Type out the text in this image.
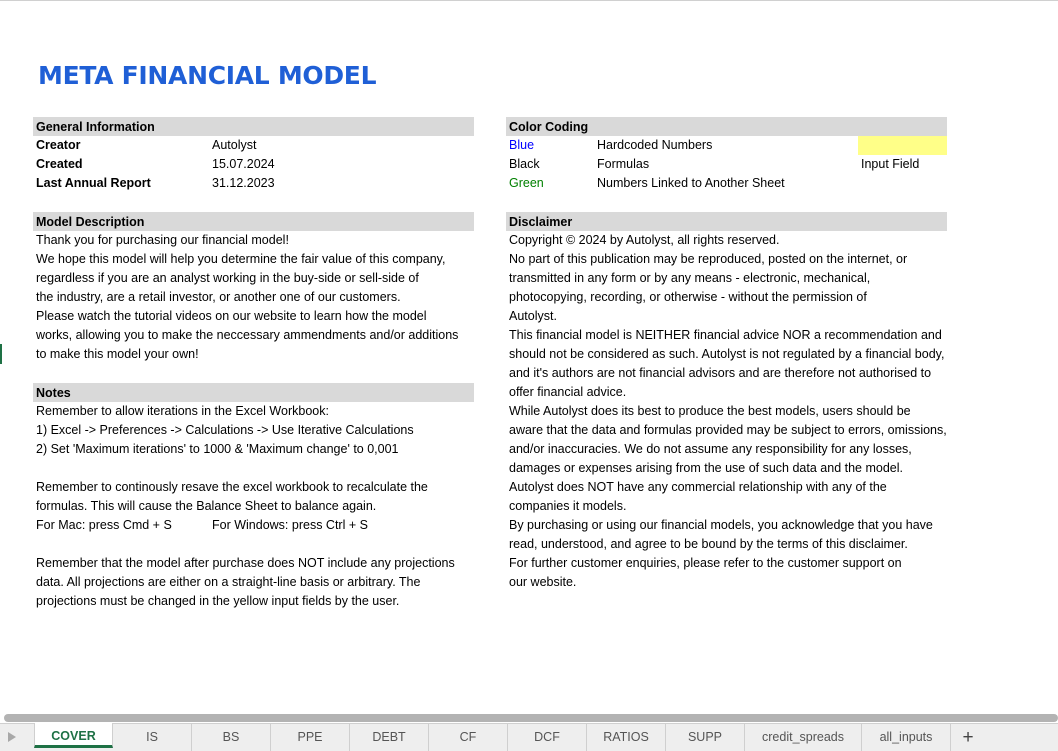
META FINANCIAL MODEL
General Information
Creator	Autolyst
Created	15.07.2024
Last Annual Report	31.12.2023
Color Coding
Blue	Hardcoded Numbers
Black	Formulas	Input Field
Green	Numbers Linked to Another Sheet
Model Description
Thank you for purchasing our financial model!
We hope this model will help you determine the fair value of this company,
regardless if you are an analyst working in the buy-side or sell-side of
the industry, are a retail investor, or another one of our customers.
Please watch the tutorial videos on our website to learn how the model
works, allowing you to make the neccessary ammendments and/or additions
to make this model your own!
Notes
Remember to allow iterations in the Excel Workbook:
1) Excel -> Preferences -> Calculations -> Use Iterative Calculations
2) Set 'Maximum iterations' to 1000 & 'Maximum change' to 0,001
Remember to continously resave the excel workbook to recalculate the
formulas. This will cause the Balance Sheet to balance again.
For Mac: press Cmd + S	For Windows: press Ctrl + S
Remember that the model after purchase does NOT include any projections
data. All projections are either on a straight-line basis or arbitrary. The
projections must be changed in the yellow input fields by the user.
Disclaimer
Copyright © 2024 by Autolyst, all rights reserved.
No part of this publication may be reproduced, posted on the internet, or
transmitted in any form or by any means - electronic, mechanical,
photocopying, recording, or otherwise - without the permission of
Autolyst.
This financial model is NEITHER financial advice NOR a recommendation and
should not be considered as such. Autolyst is not regulated by a financial body,
and it's authors are not financial advisors and are therefore not authorised to
offer financial advice.
While Autolyst does its best to produce the best models, users should be
aware that the data and formulas provided may be subject to errors, omissions,
and/or inaccuracies. We do not assume any responsibility for any losses,
damages or expenses arising from the use of such data and the model.
Autolyst does NOT have any commercial relationship with any of the
companies it models.
By purchasing or using our financial models, you acknowledge that you have
read, understood, and agree to be bound by the terms of this disclaimer.
For further customer enquiries, please refer to the customer support on
our website.
COVER	IS	BS	PPE	DEBT	CF	DCF	RATIOS	SUPP	credit_spreads	all_inputs	+
